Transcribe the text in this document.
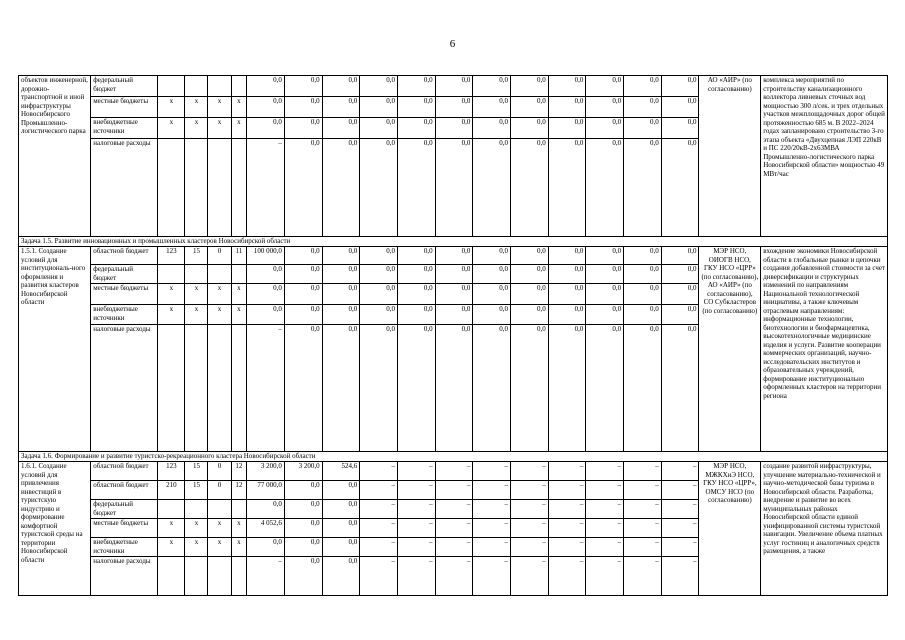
6
объектов инженерной, дорожно-транспортной и иной инфраструктуры Новосибирского Промышленно-логистического парка	федеральный бюджет					0,0	0,0	0,0	0,0	0,0	0,0	0,0	0,0	0,0	0,0	0,0	0,0	АО «АИР» (по согласованию)	комплекса мероприятий по строительству канализационного коллектора ливневых сточных вод мощностью 300 л/сек. и трех отдельных участков межплощадочных дорог общей протяженностью 685 м. В 2022–2024 годах запланировано строительство 3-го этапа объекта «Двухцепная ЛЭП 220кВ и ПС 220/20кВ-2х63МВА Промышленно-логистического парка Новосибирской области» мощностью 49 МВт/час
	местные бюджеты	х	х	х	х	0,0	0,0	0,0	0,0	0,0	0,0	0,0	0,0	0,0	0,0	0,0	0,0		
	внебюджетные источники	х	х	х	х	0,0	0,0	0,0	0,0	0,0	0,0	0,0	0,0	0,0	0,0	0,0	0,0		
	налоговые расходы					–	0,0	0,0	0,0	0,0	0,0	0,0	0,0	0,0	0,0	0,0	0,0		
Задача 1.5. Развитие инновационных и промышленных кластеров Новосибирской области																			
1.5.1. Создание условий для институциональ-ного оформления и развития кластеров Новосибирской области	областной бюджет	123	15	0	11	100 000,0	0,0	0,0	0,0	0,0	0,0	0,0	0,0	0,0	0,0	0,0	0,0	МЭР НСО, ОИОГВ НСО, ГКУ НСО «ЦРР» (по согласованию), АО «АИР» (по согласованию), СО Субкластеров (по согласованию)	вхождение экономики Новосибирской области в глобальные рынки и цепочки создания добавленной стоимости за счет диверсификации и структурных изменений по направлениям Национальной технологической инициативы, а также ключевым отраслевым направлениям: информационные технологии, биотехнологии и биофармацевтика, высокотехнологичные медицинские изделия и услуги. Развитие кооперации коммерческих организаций, научно-исследовательских институтов и образовательных учреждений, формирование институционально оформленных кластеров на территории региона
	федеральный бюджет					0,0	0,0	0,0	0,0	0,0	0,0	0,0	0,0	0,0	0,0	0,0	0,0		
	местные бюджеты	х	х	х	х	0,0	0,0	0,0	0,0	0,0	0,0	0,0	0,0	0,0	0,0	0,0	0,0		
	внебюджетные источники	х	х	х	х	0,0	0,0	0,0	0,0	0,0	0,0	0,0	0,0	0,0	0,0	0,0	0,0		
	налоговые расходы					–	0,0	0,0	0,0	0,0	0,0	0,0	0,0	0,0	0,0	0,0	0,0		
Задача 1.6. Формирование и развитие туристско-рекреационного кластера Новосибирской области																			
1.6.1. Создание условий для привлечения инвестиций в туристскую индустрию и формирование комфортной туристской среды на территории Новосибирской области	областной бюджет	123	15	0	12	3 200,0	3 200,0	524,6	–	–	–	–	–	–	–	–	–	МЭР НСО, МЖКХиЭ НСО, ГКУ НСО «ЦРР», ОМСУ НСО (по согласованию)	создание развитой инфраструктуры, улучшение материально-технической и научно-методической базы туризма в Новосибирской области. Разработка, внедрение и развитие во всех муниципальных районах Новосибирской области единой унифицированной системы туристской навигации. Увеличение объема платных услуг гостиниц и аналогичных средств размещения, а также
	областной бюджет	210	15	0	12	77 000,0	0,0	0,0	–	–	–	–	–	–	–	–	–		
	федеральный бюджет					0,0	0,0	0,0	–	–	–	–	–	–	–	–	–		
	местные бюджеты	х	х	х	х	4 052,6	0,0	0,0	–	–	–	–	–	–	–	–	–		
	внебюджетные источники	х	х	х	х	0,0	0,0	0,0	–	–	–	–	–	–	–	–	–		
	налоговые расходы					–	0,0	0,0	–	–	–	–	–	–	–	–	–		
